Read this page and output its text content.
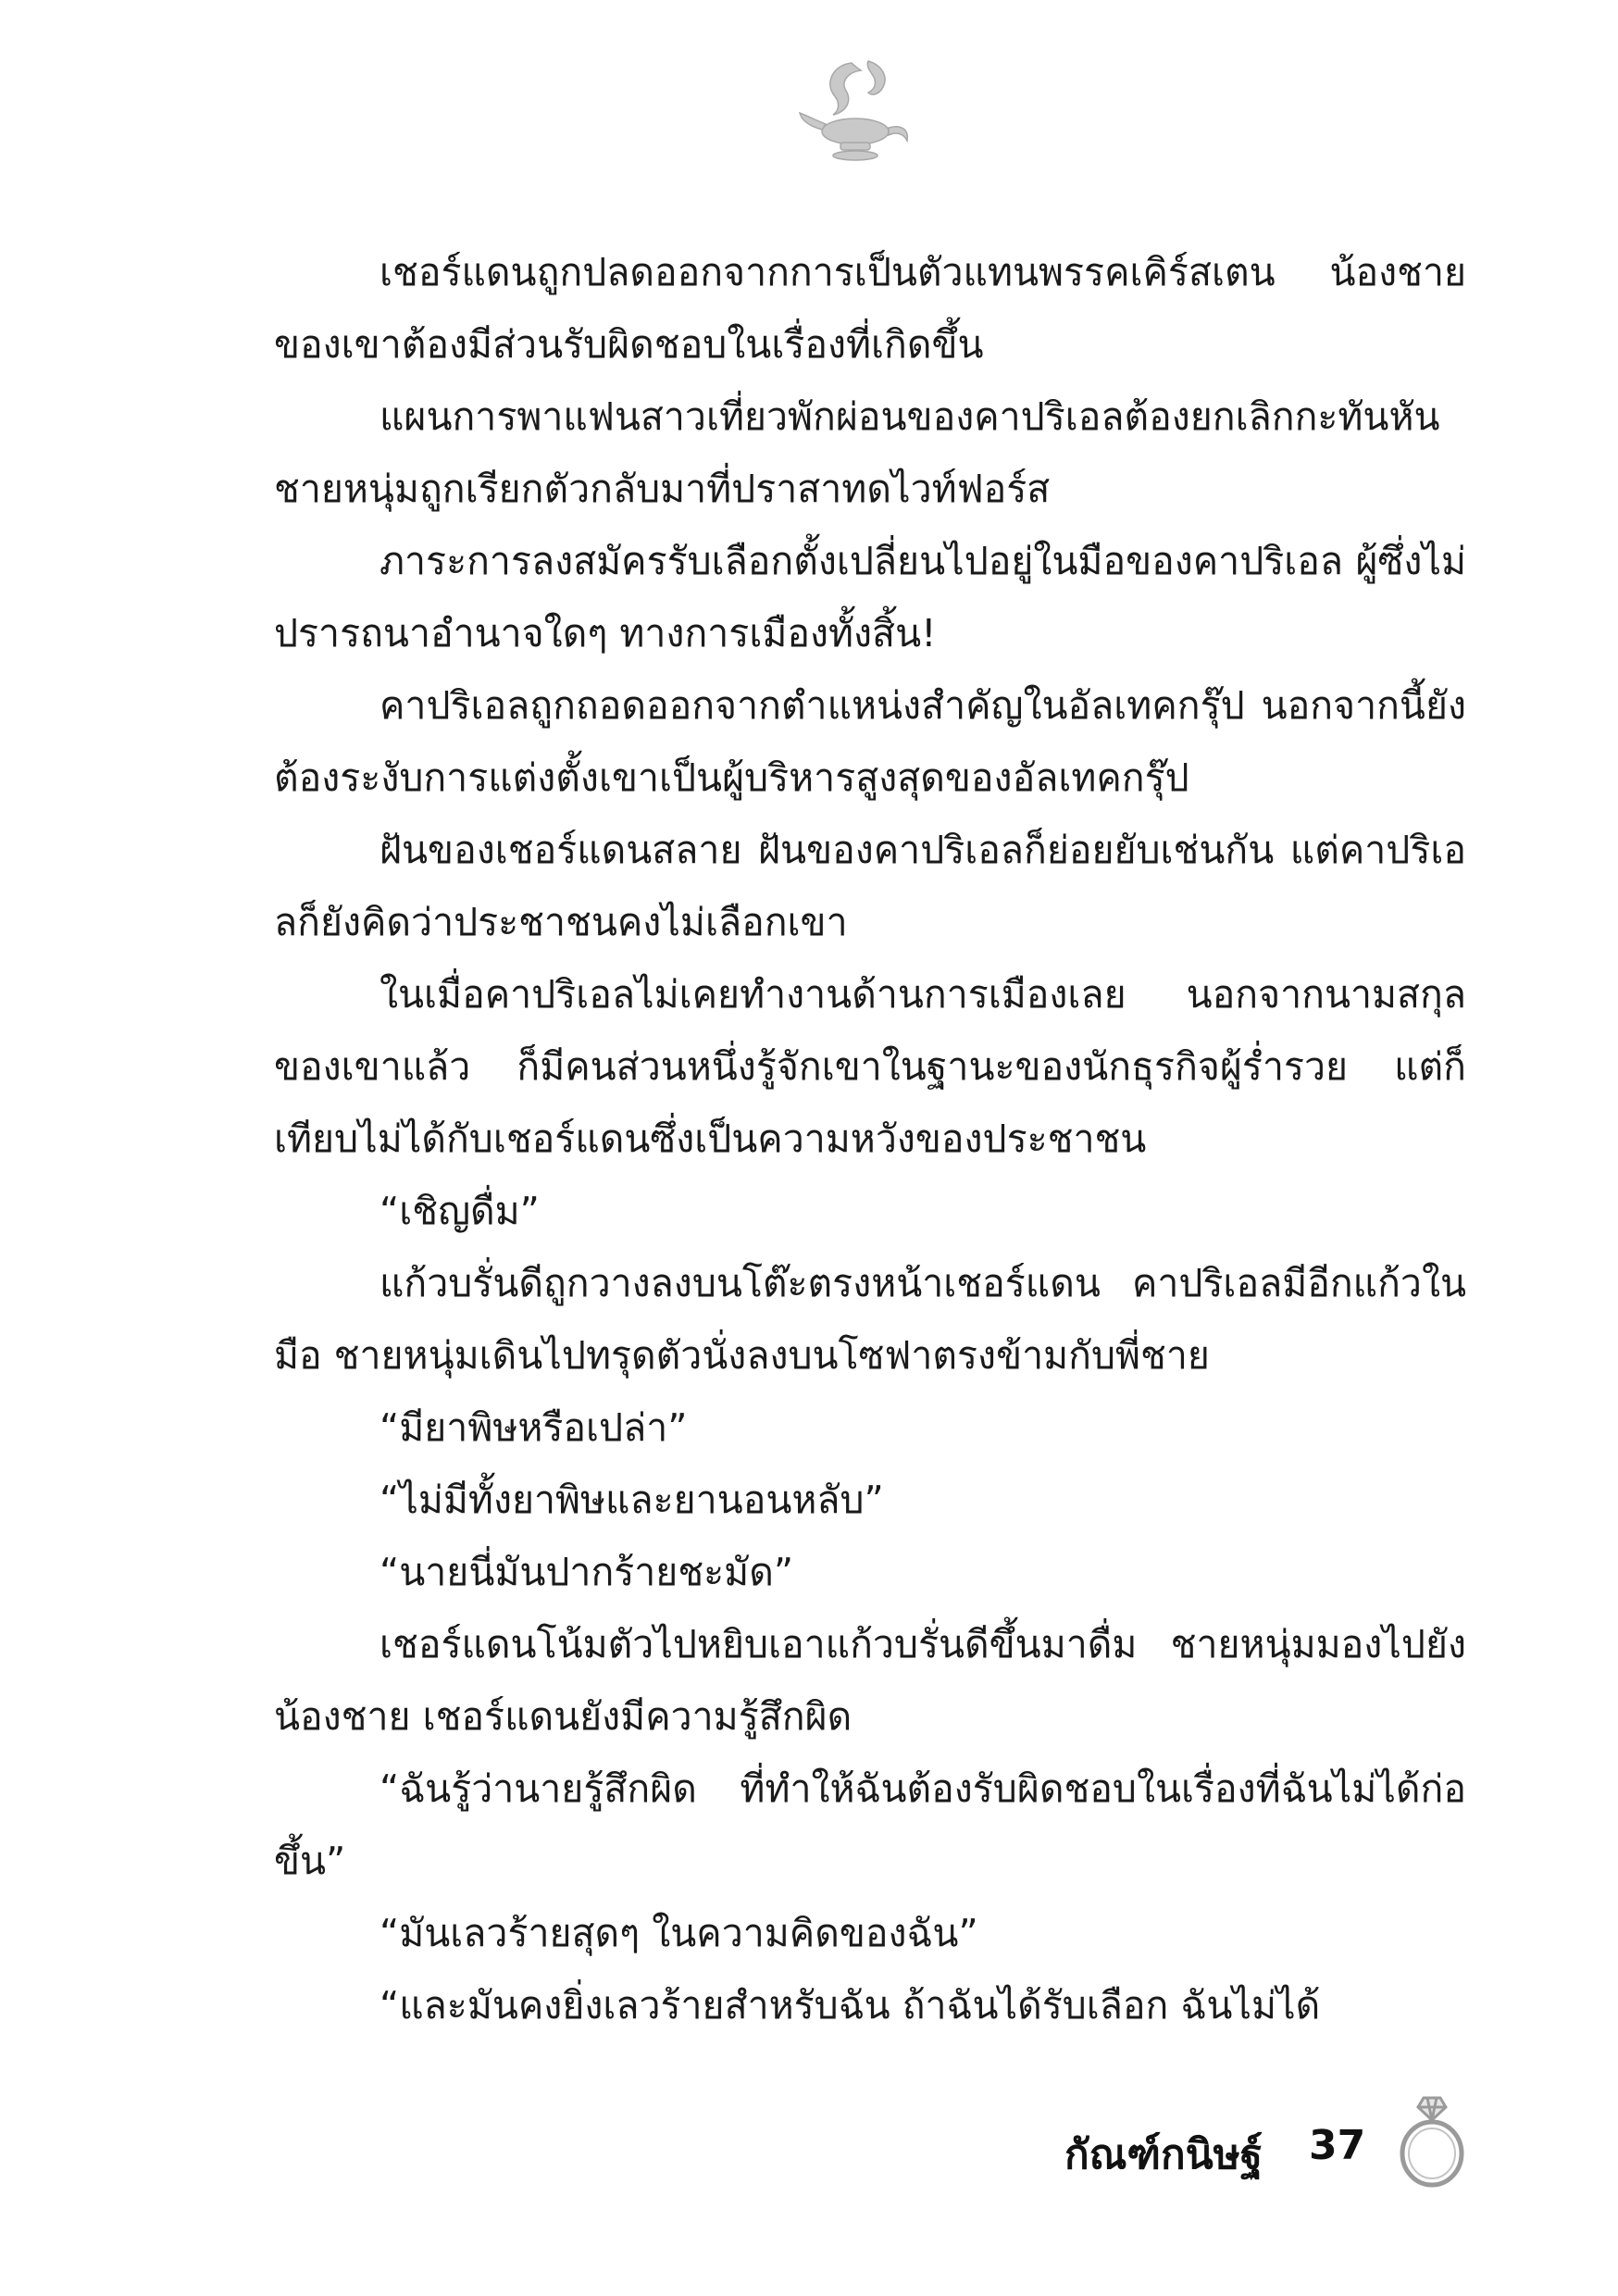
เชอร์แดนถูกปลดออกจากการเป็นตัวแทนพรรคเคิร์สเตน น้องชายของเขาต้องมีส่วนรับผิดชอบในเรื่องที่เกิดขึ้น

แผนการพาแฟนสาวเที่ยวพักผ่อนของคาปริเอลต้องยกเลิกกะทันหัน ชายหนุ่มถูกเรียกตัวกลับมาที่ปราสาทดไวท์ฟอร์ส

ภาระการลงสมัครรับเลือกตั้งเปลี่ยนไปอยู่ในมือของคาปริเอล ผู้ซึ่งไม่ปรารถนาอำนาจใดๆ ทางการเมืองทั้งสิ้น!

คาปริเอลถูกถอดออกจากตำแหน่งสำคัญในอัลเทคกรุ๊ป นอกจากนี้ยังต้องระงับการแต่งตั้งเขาเป็นผู้บริหารสูงสุดของอัลเทคกรุ๊ป

ฝันของเชอร์แดนสลาย ฝันของคาปริเอลก็ย่อยยับเช่นกัน แต่คาปริเอลก็ยังคิดว่าประชาชนคงไม่เลือกเขา

ในเมื่อคาปริเอลไม่เคยทำงานด้านการเมืองเลย นอกจากนามสกุลของเขาแล้ว ก็มีคนส่วนหนึ่งรู้จักเขาในฐานะของนักธุรกิจผู้ร่ำรวย แต่ก็เทียบไม่ได้กับเชอร์แดนซึ่งเป็นความหวังของประชาชน

“เชิญดื่ม”

แก้วบรั่นดีถูกวางลงบนโต๊ะตรงหน้าเชอร์แดน คาปริเอลมีอีกแก้วในมือ ชายหนุ่มเดินไปทรุดตัวนั่งลงบนโซฟาตรงข้ามกับพี่ชาย

“มียาพิษหรือเปล่า”

“ไม่มีทั้งยาพิษและยานอนหลับ”

“นายนี่มันปากร้ายชะมัด”

เชอร์แดนโน้มตัวไปหยิบเอาแก้วบรั่นดีขึ้นมาดื่ม ชายหนุ่มมองไปยังน้องชาย เชอร์แดนยังมีความรู้สึกผิด

“ฉันรู้ว่านายรู้สึกผิด ที่ทำให้ฉันต้องรับผิดชอบในเรื่องที่ฉันไม่ได้ก่อขึ้น”

“มันเลวร้ายสุดๆ ในความคิดของฉัน”

“และมันคงยิ่งเลวร้ายสำหรับฉัน ถ้าฉันได้รับเลือก ฉันไม่ได้

กัณฑ์กนิษฐ์ 37
